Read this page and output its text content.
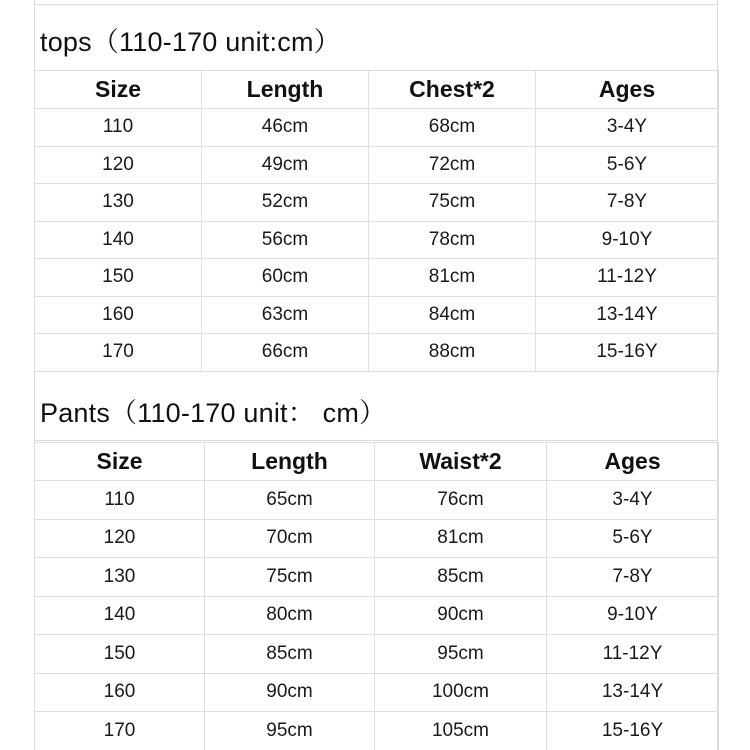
tops（110-170 unit:cm）
Size	Length	Chest*2	Ages
110	46cm	68cm	3-4Y
120	49cm	72cm	5-6Y
130	52cm	75cm	7-8Y
140	56cm	78cm	9-10Y
150	60cm	81cm	11-12Y
160	63cm	84cm	13-14Y
170	66cm	88cm	15-16Y
Pants（110-170 unit： cm）
Size	Length	Waist*2	Ages
110	65cm	76cm	3-4Y
120	70cm	81cm	5-6Y
130	75cm	85cm	7-8Y
140	80cm	90cm	9-10Y
150	85cm	95cm	11-12Y
160	90cm	100cm	13-14Y
170	95cm	105cm	15-16Y
